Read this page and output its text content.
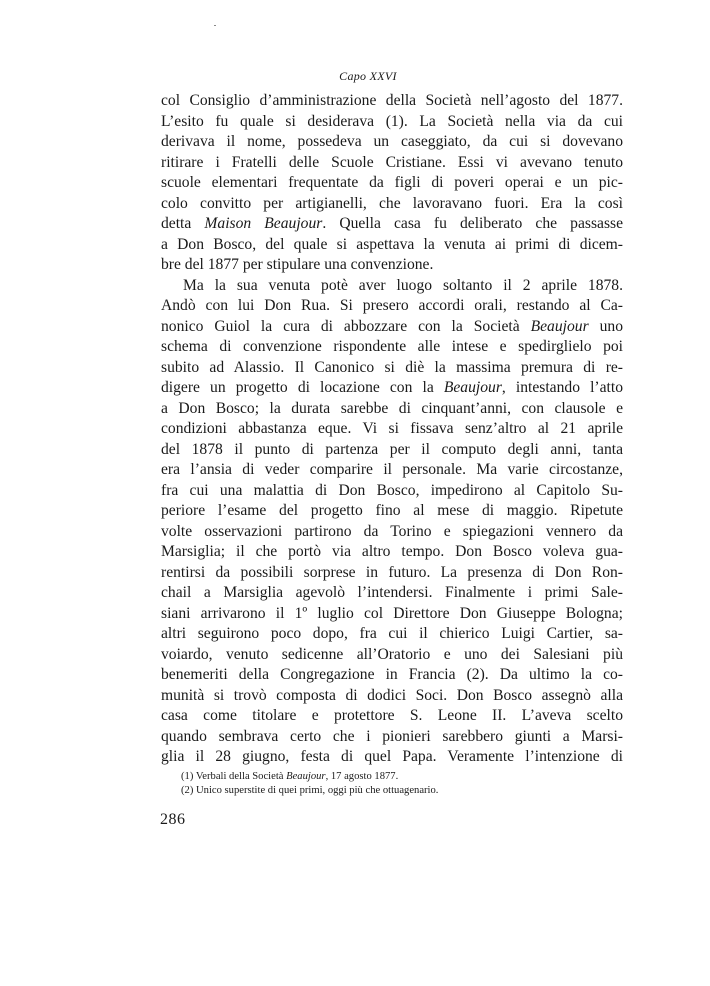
Capo XXVI
col Consiglio d’amministrazione della Società nell’agosto del 1877.
L’esito fu quale si desiderava (1). La Società nella via da cui
derivava il nome, possedeva un caseggiato, da cui si dovevano
ritirare i Fratelli delle Scuole Cristiane. Essi vi avevano tenuto
scuole elementari frequentate da figli di poveri operai e un pic-
colo convitto per artigianelli, che lavoravano fuori. Era la così
detta Maison Beaujour. Quella casa fu deliberato che passasse
a Don Bosco, del quale si aspettava la venuta ai primi di dicem-
bre del 1877 per stipulare una convenzione.
Ma la sua venuta potè aver luogo soltanto il 2 aprile 1878.
Andò con lui Don Rua. Si presero accordi orali, restando al Ca-
nonico Guiol la cura di abbozzare con la Società Beaujour uno
schema di convenzione rispondente alle intese e spedirglielo poi
subito ad Alassio. Il Canonico si diè la massima premura di re-
digere un progetto di locazione con la Beaujour, intestando l’atto
a Don Bosco; la durata sarebbe di cinquant’anni, con clausole e
condizioni abbastanza eque. Vi si fissava senz’altro al 21 aprile
del 1878 il punto di partenza per il computo degli anni, tanta
era l’ansia di veder comparire il personale. Ma varie circostanze,
fra cui una malattia di Don Bosco, impedirono al Capitolo Su-
periore l’esame del progetto fino al mese di maggio. Ripetute
volte osservazioni partirono da Torino e spiegazioni vennero da
Marsiglia; il che portò via altro tempo. Don Bosco voleva gua-
rentirsi da possibili sorprese in futuro. La presenza di Don Ron-
chail a Marsiglia agevolò l’intendersi. Finalmente i primi Sale-
siani arrivarono il 1º luglio col Direttore Don Giuseppe Bologna;
altri seguirono poco dopo, fra cui il chierico Luigi Cartier, sa-
voiardo, venuto sedicenne all’Oratorio e uno dei Salesiani più
benemeriti della Congregazione in Francia (2). Da ultimo la co-
munità si trovò composta di dodici Soci. Don Bosco assegnò alla
casa come titolare e protettore S. Leone II. L’aveva scelto
quando sembrava certo che i pionieri sarebbero giunti a Marsi-
glia il 28 giugno, festa di quel Papa. Veramente l’intenzione di
(1) Verbali della Società Beaujour, 17 agosto 1877.
(2) Unico superstite di quei primi, oggi più che ottuagenario.
286
